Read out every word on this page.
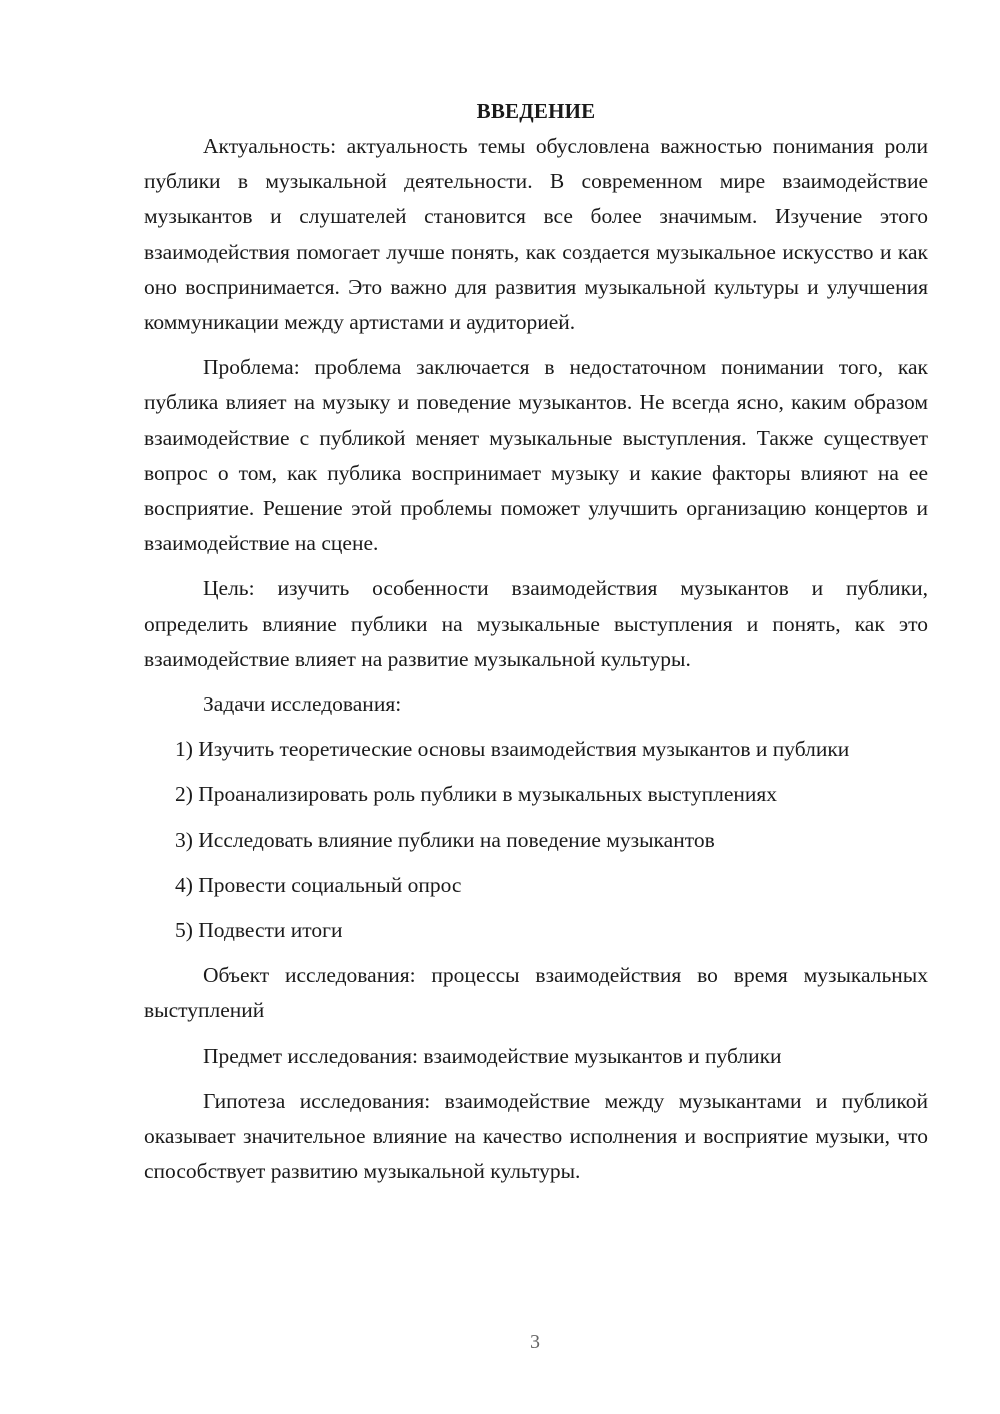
ВВЕДЕНИЕ

Актуальность: актуальность темы обусловлена важностью понимания роли публики в музыкальной деятельности. В современном мире взаимодействие музыкантов и слушателей становится все более значимым. Изучение этого взаимодействия помогает лучше понять, как создается музыкальное искусство и как оно воспринимается. Это важно для развития музыкальной культуры и улучшения коммуникации между артистами и аудиторией.

Проблема: проблема заключается в недостаточном понимании того, как публика влияет на музыку и поведение музыкантов. Не всегда ясно, каким образом взаимодействие с публикой меняет музыкальные выступления. Также существует вопрос о том, как публика воспринимает музыку и какие факторы влияют на ее восприятие. Решение этой проблемы поможет улучшить организацию концертов и взаимодействие на сцене.

Цель: изучить особенности взаимодействия музыкантов и публики, определить влияние публики на музыкальные выступления и понять, как это взаимодействие влияет на развитие музыкальной культуры.

Задачи исследования:

1) Изучить теоретические основы взаимодействия музыкантов и публики

2) Проанализировать роль публики в музыкальных выступлениях

3) Исследовать влияние публики на поведение музыкантов

4) Провести социальный опрос

5) Подвести итоги

Объект исследования: процессы взаимодействия во время музыкальных выступлений

Предмет исследования: взаимодействие музыкантов и публики

Гипотеза исследования: взаимодействие между музыкантами и публикой оказывает значительное влияние на качество исполнения и восприятие музыки, что способствует развитию музыкальной культуры.

3
